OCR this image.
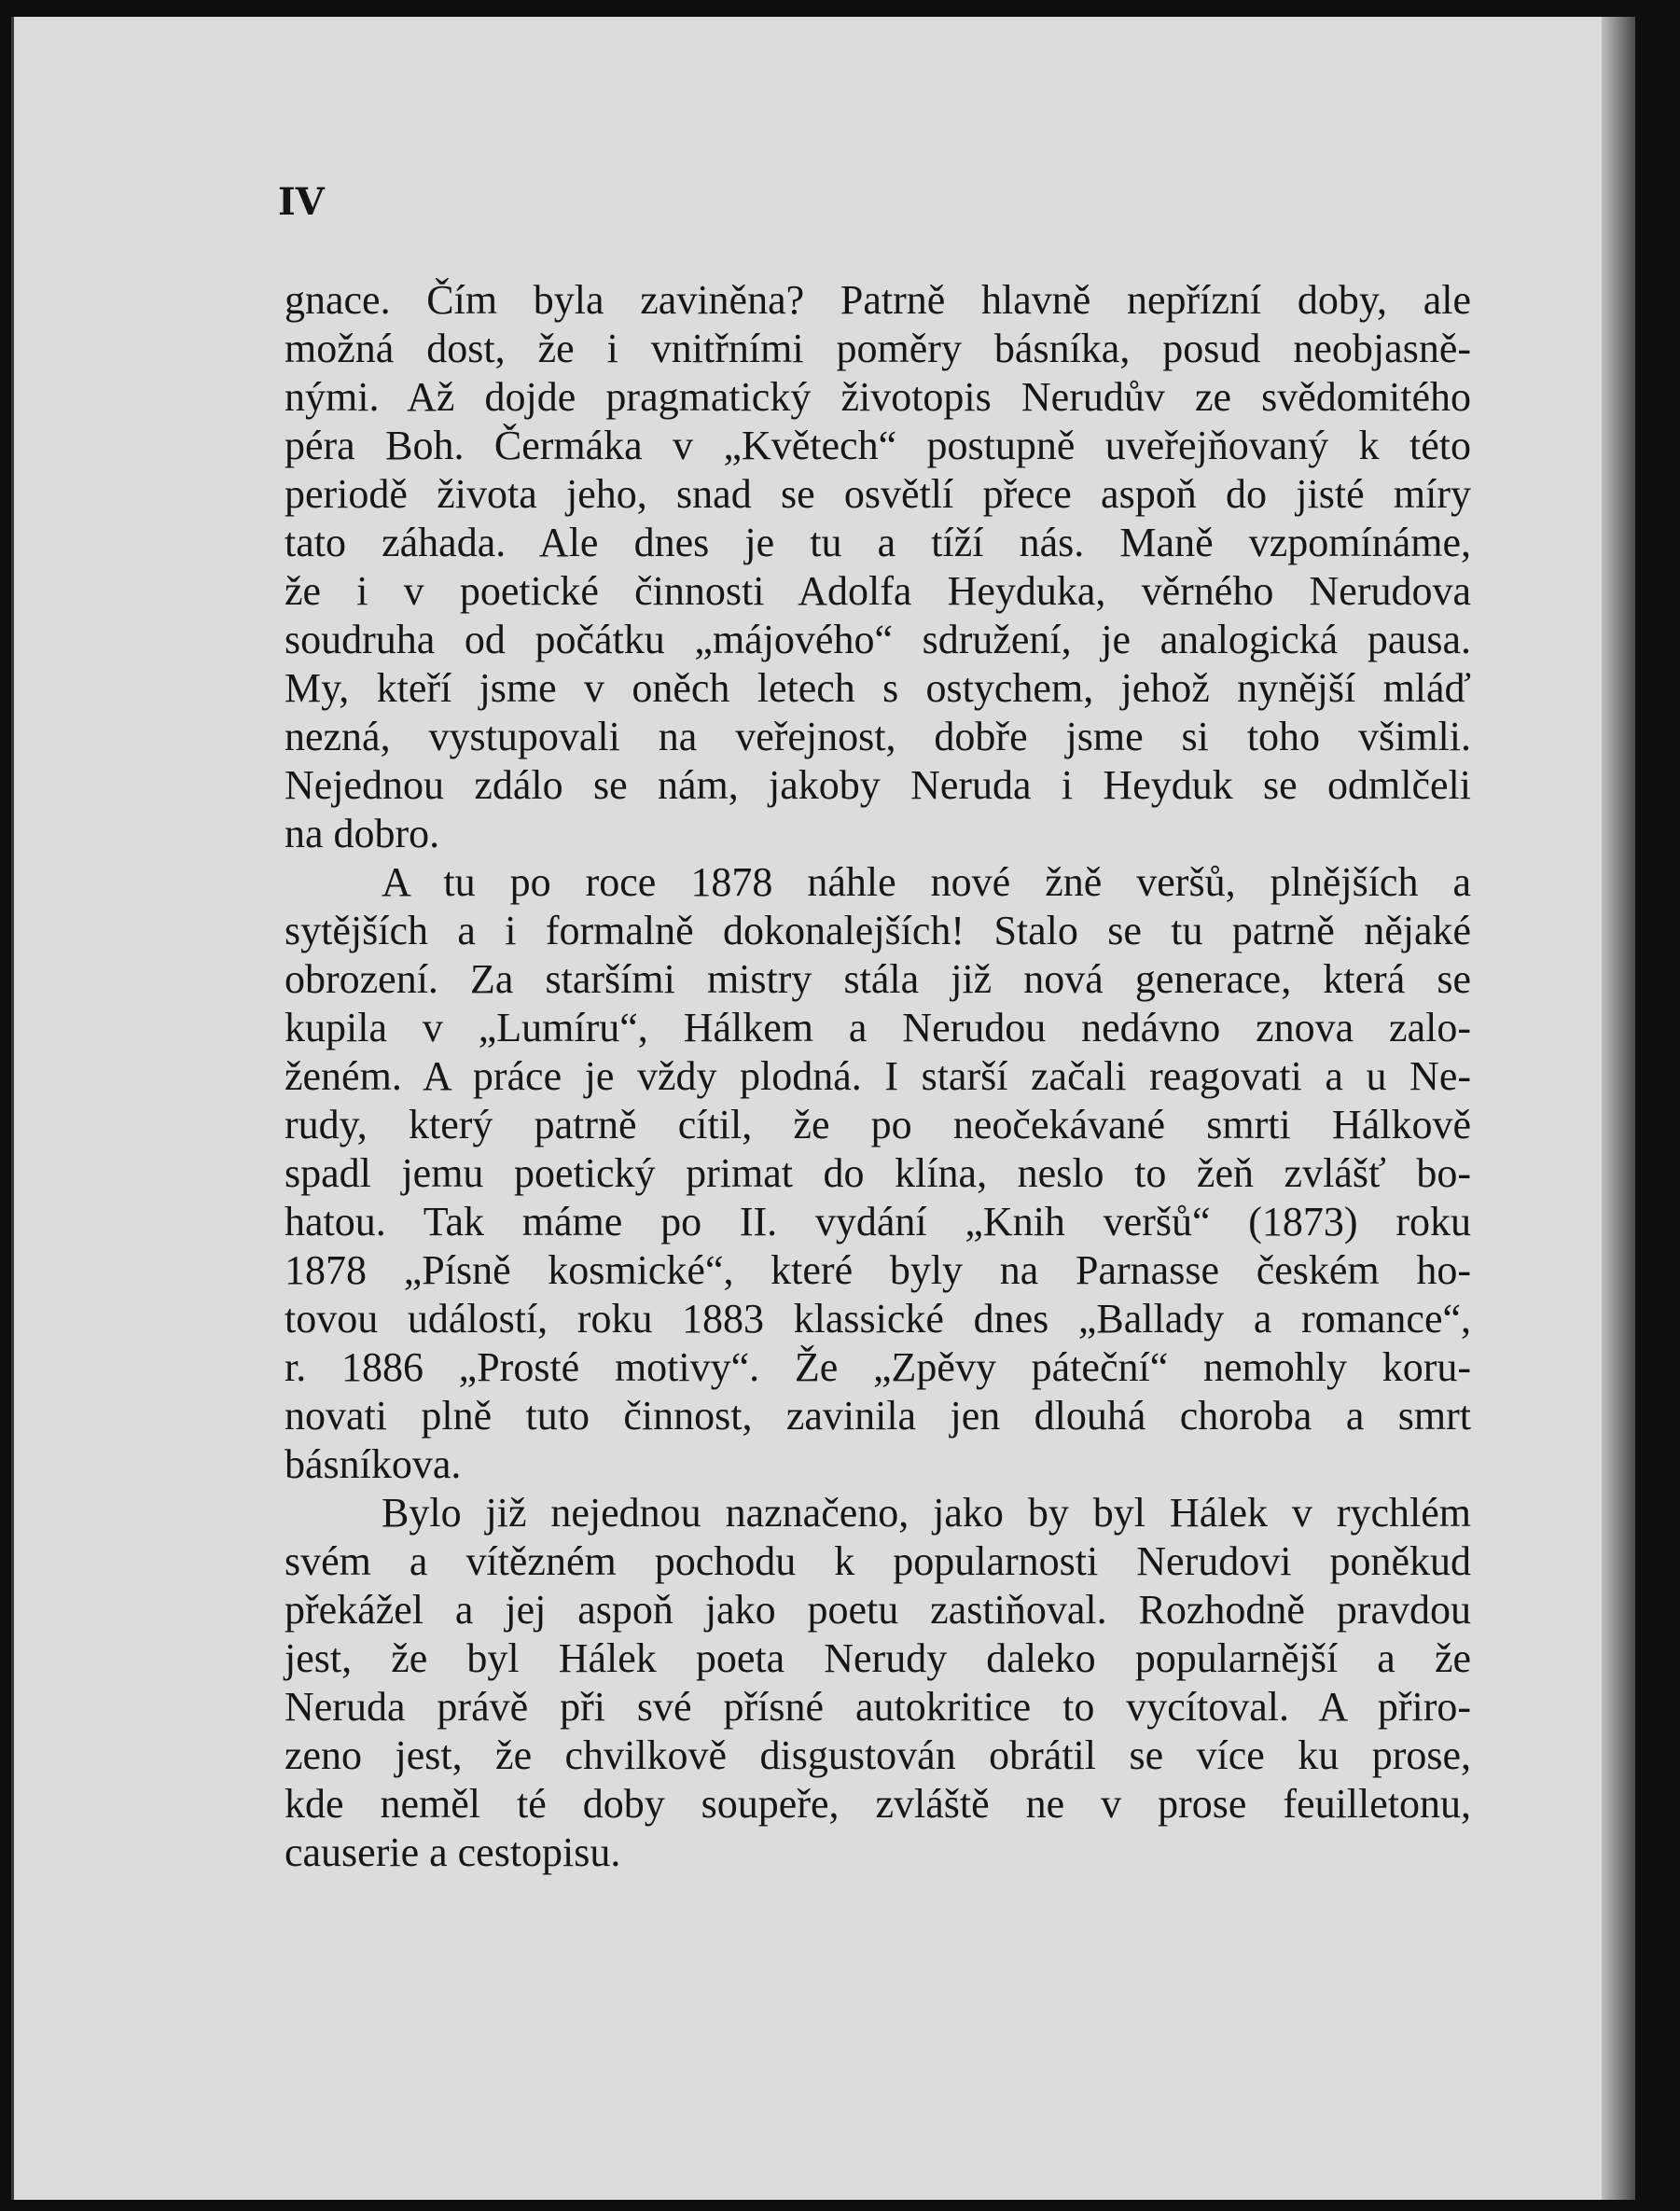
IV
gnace. Čím byla zaviněna? Patrně hlavně nepřízní doby, ale
možná dost, že i vnitřními poměry básníka, posud neobjasně-
nými. Až dojde pragmatický životopis Nerudův ze svědomitého
péra Boh. Čermáka v „Květech“ postupně uveřejňovaný k této
periodě života jeho, snad se osvětlí přece aspoň do jisté míry
tato záhada. Ale dnes je tu a tíží nás. Maně vzpomínáme,
že i v poetické činnosti Adolfa Heyduka, věrného Nerudova
soudruha od počátku „májového“ sdružení, je analogická pausa.
My, kteří jsme v oněch letech s ostychem, jehož nynější mláď
nezná, vystupovali na veřejnost, dobře jsme si toho všimli.
Nejednou zdálo se nám, jakoby Neruda i Heyduk se odmlčeli
na dobro.
A tu po roce 1878 náhle nové žně veršů, plnějších a
sytějších a i formalně dokonalejších! Stalo se tu patrně nějaké
obrození. Za staršími mistry stála již nová generace, která se
kupila v „Lumíru“, Hálkem a Nerudou nedávno znova zalo-
ženém. A práce je vždy plodná. I starší začali reagovati a u Ne-
rudy, který patrně cítil, že po neočekávané smrti Hálkově
spadl jemu poetický primat do klína, neslo to žeň zvlášť bo-
hatou. Tak máme po II. vydání „Knih veršů“ (1873) roku
1878 „Písně kosmické“, které byly na Parnasse českém ho-
tovou událostí, roku 1883 klassické dnes „Ballady a romance“,
r. 1886 „Prosté motivy“. Že „Zpěvy páteční“ nemohly koru-
novati plně tuto činnost, zavinila jen dlouhá choroba a smrt
básníkova.
Bylo již nejednou naznačeno, jako by byl Hálek v rychlém
svém a vítězném pochodu k popularnosti Nerudovi poněkud
překážel a jej aspoň jako poetu zastiňoval. Rozhodně pravdou
jest, že byl Hálek poeta Nerudy daleko popularnější a že
Neruda právě při své přísné autokritice to vycítoval. A přiro-
zeno jest, že chvilkově disgustován obrátil se více ku prose,
kde neměl té doby soupeře, zvláště ne v prose feuilletonu,
causerie a cestopisu.
